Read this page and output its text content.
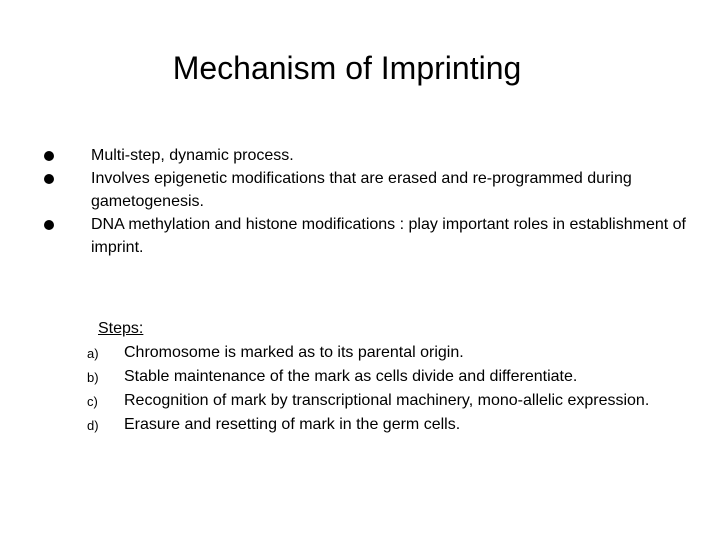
Mechanism of Imprinting
Multi-step, dynamic process.
Involves epigenetic modifications that are erased and re-programmed during gametogenesis.
DNA methylation and histone modifications : play important roles in establishment of imprint.

Steps:

a) Chromosome is marked as to its parental origin.
b) Stable maintenance of the mark as cells divide and differentiate.
c) Recognition of mark by transcriptional machinery, mono-allelic expression.
d) Erasure and resetting of mark in the germ cells.
